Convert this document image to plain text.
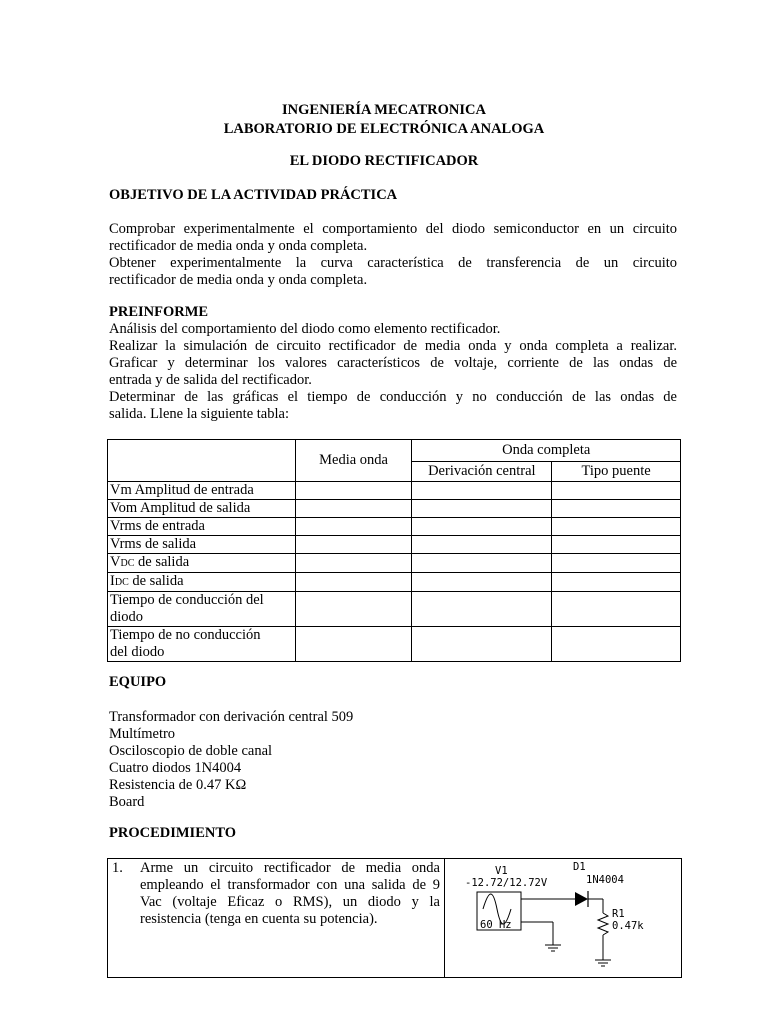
INGENIERÍA MECATRONICA
LABORATORIO DE ELECTRÓNICA ANALOGA
EL DIODO RECTIFICADOR
OBJETIVO DE LA ACTIVIDAD PRÁCTICA
Comprobar experimentalmente el comportamiento del diodo semiconductor en un circuito
rectificador de media onda y onda completa.
Obtener experimentalmente la curva característica de transferencia de un circuito
rectificador de media onda y onda completa.
PREINFORME
Análisis del comportamiento del diodo como elemento rectificador.
Realizar la simulación de circuito rectificador de media onda y onda completa a realizar.
Graficar y determinar los valores característicos de voltaje, corriente de las ondas de
entrada y de salida del rectificador.
Determinar de las gráficas el tiempo de conducción y no conducción de las ondas de
salida. Llene la siguiente tabla:
	Media onda	Onda completa	
		Derivación central	Tipo puente
Vm Amplitud de entrada			
Vom Amplitud de salida			
Vrms de entrada			
Vrms de salida			
VDC de salida			
IDC de salida			

Tiempo de conducción del
diodo			

Tiempo de no conducción
del diodo			

EQUIPO
Transformador con derivación central 509
Multímetro
Osciloscopio de doble canal
Cuatro diodos 1N4004
Resistencia de 0.47 KΩ
Board
PROCEDIMIENTO
1.	Arme un circuito rectificador de media onda
empleando el transformador con una salida de 9
Vac (voltaje Eficaz o RMS), un diodo y la
resistencia (tenga en cuenta su potencia).

V1
-12.72/12.72V
D1
1N4004
60 Hz
R1
0.47k
